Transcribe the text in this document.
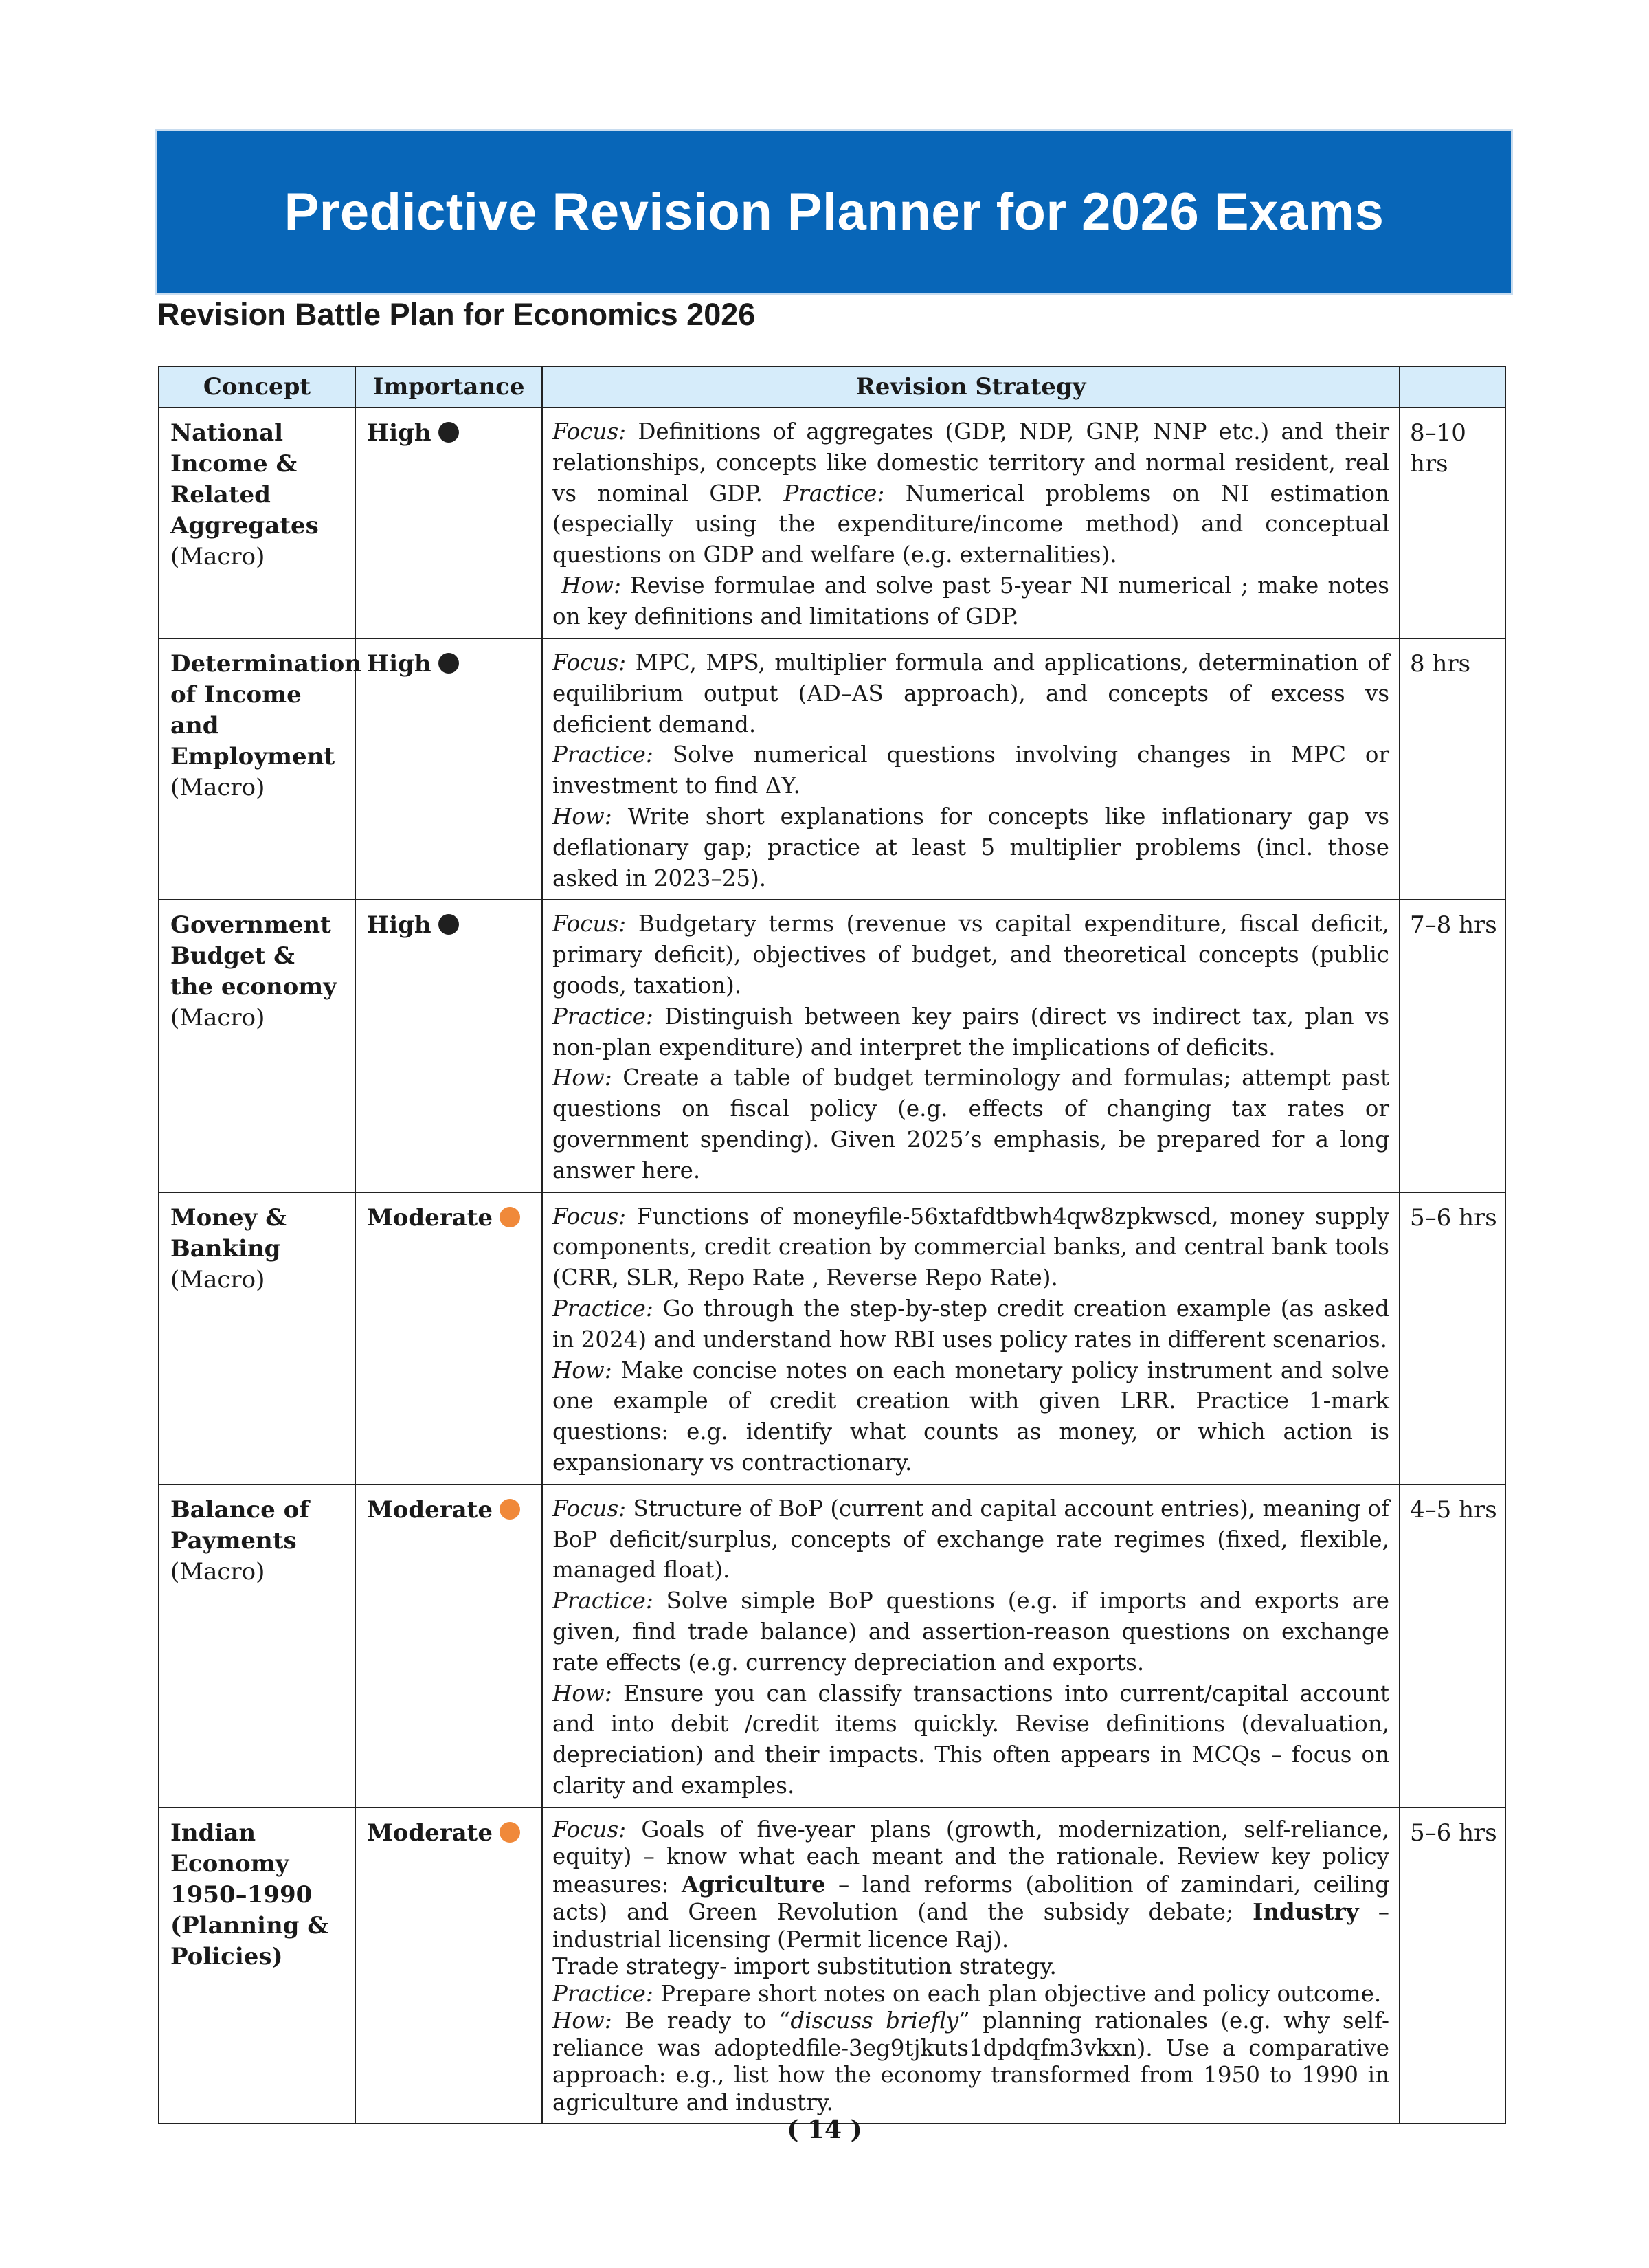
Predictive Revision Planner for 2026 Exams
Revision Battle Plan for Economics 2026
Concept	Importance	Revision Strategy	
National Income & Related Aggregates (Macro)	High	Focus: Definitions of aggregates (GDP, NDP, GNP, NNP etc.) and their relationships, concepts like domestic territory and normal resident, real vs nominal GDP. Practice: Numerical problems on NI estimation (especially using the expenditure/income method) and conceptual questions on GDP and welfare (e.g. externalities).

How: Revise formulae and solve past 5-year NI numerical ; make notes on key definitions and limitations of GDP.	8–10 hrs
Determination of Income and Employment (Macro)	High	Focus: MPC, MPS, multiplier formula and applications, determination of equilibrium output (AD–AS approach), and concepts of excess vs deficient demand.

Practice: Solve numerical questions involving changes in MPC or investment to find ΔY.

How: Write short explanations for concepts like inflationary gap vs deflationary gap; practice at least 5 multiplier problems (incl. those asked in 2023–25).	8 hrs
Government Budget & the economy (Macro)	High	Focus: Budgetary terms (revenue vs capital expenditure, fiscal deficit, primary deficit), objectives of budget, and theoretical concepts (public goods, taxation).

Practice: Distinguish between key pairs (direct vs indirect tax, plan vs non-plan expenditure) and interpret the implications of deficits.

How: Create a table of budget terminology and formulas; attempt past questions on fiscal policy (e.g. effects of changing tax rates or government spending). Given 2025’s emphasis, be prepared for a long answer here.	7–8 hrs
Money & Banking (Macro)	Moderate	Focus: Functions of moneyfile-56xtafdtbwh4qw8zpkwscd, money supply components, credit creation by commercial banks, and central bank tools (CRR, SLR, Repo Rate , Reverse Repo Rate).

Practice: Go through the step-by-step credit creation example (as asked in 2024) and understand how RBI uses policy rates in different scenarios.

How: Make concise notes on each monetary policy instrument and solve one example of credit creation with given LRR. Practice 1-mark questions: e.g. identify what counts as money, or which action is expansionary vs contractionary.	5–6 hrs
Balance of Payments (Macro)	Moderate	Focus: Structure of BoP (current and capital account entries), meaning of BoP deficit/surplus, concepts of exchange rate regimes (fixed, flexible, managed float).

Practice: Solve simple BoP questions (e.g. if imports and exports are given, find trade balance) and assertion-reason questions on exchange rate effects (e.g. currency depreciation and exports.

How: Ensure you can classify transactions into current/capital account and into debit /credit items quickly. Revise definitions (devaluation, depreciation) and their impacts. This often appears in MCQs – focus on clarity and examples.	4–5 hrs
Indian Economy 1950–1990 (Planning & Policies)	Moderate	Focus: Goals of five-year plans (growth, modernization, self-reliance, equity) – know what each meant and the rationale. Review key policy measures: Agriculture – land reforms (abolition of zamindari, ceiling acts) and Green Revolution (and the subsidy debate; Industry – industrial licensing (Permit licence Raj).

Trade strategy- import substitution strategy.

Practice: Prepare short notes on each plan objective and policy outcome.

How: Be ready to “discuss briefly” planning rationales (e.g. why self-reliance was adoptedfile-3eg9tjkuts1dpdqfm3vkxn). Use a comparative approach: e.g., list how the economy transformed from 1950 to 1990 in agriculture and industry.	5–6 hrs
( 14 )
